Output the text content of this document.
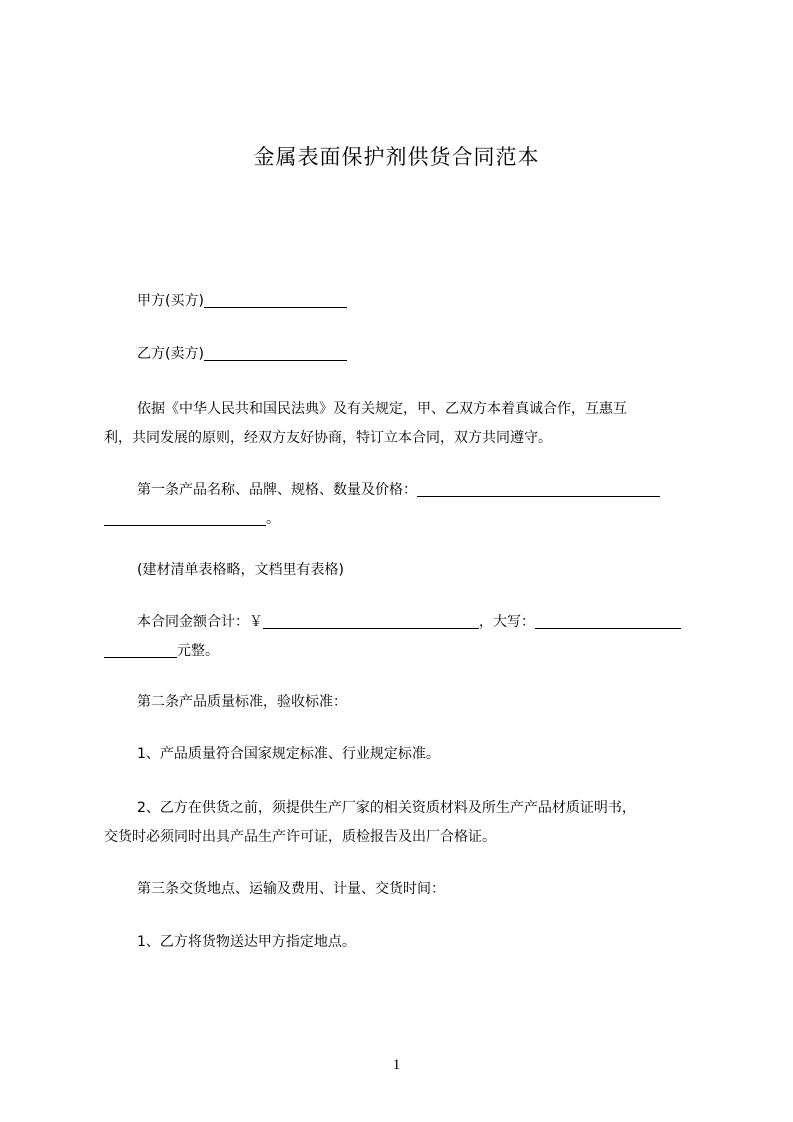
金属表面保护剂供货合同范本
甲方(买方)
乙方(卖方)
依据《中华人民共和国民法典》及有关规定，甲、乙双方本着真诚合作，互惠互
利，共同发展的原则，经双方友好协商，特订立本合同，双方共同遵守。
第一条产品名称、品牌、规格、数量及价格：
。
(建材清单表格略，文档里有表格)
本合同金额合计：￥	，大写：
元整。
第二条产品质量标准，验收标准：
1、产品质量符合国家规定标准、行业规定标准。
2、乙方在供货之前，须提供生产厂家的相关资质材料及所生产产品材质证明书，
交货时必须同时出具产品生产许可证，质检报告及出厂合格证。
第三条交货地点、运输及费用、计量、交货时间：
1、乙方将货物送达甲方指定地点。
1
